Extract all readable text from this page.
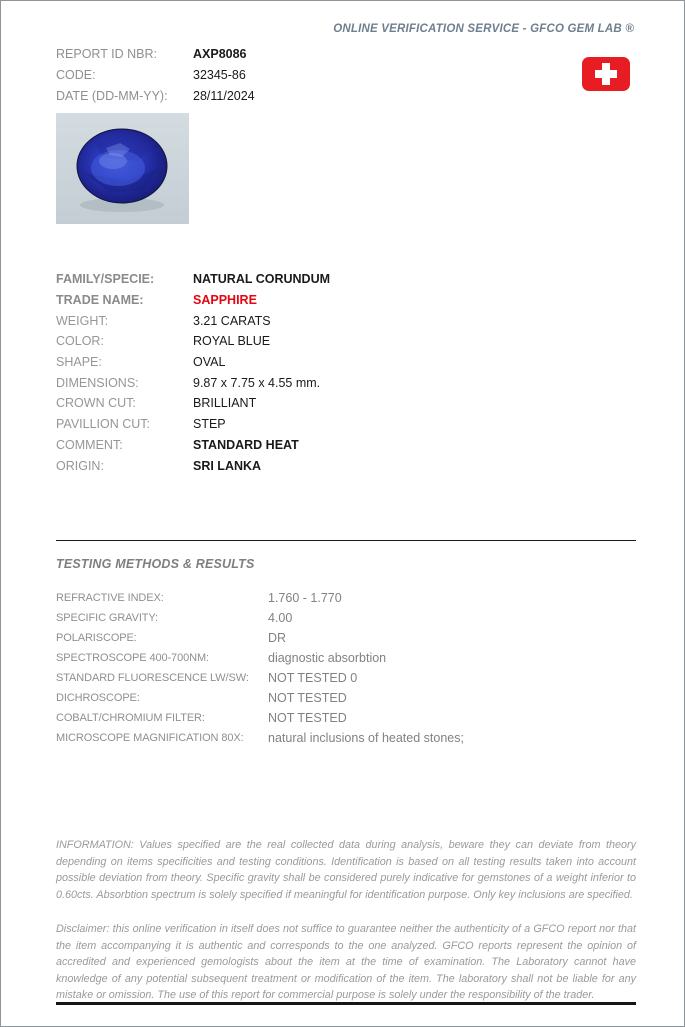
ONLINE VERIFICATION SERVICE - GFCO GEM LAB ®
REPORT ID NBR:	AXP8086
CODE:	32345-86
DATE (DD-MM-YY):	28/11/2024
FAMILY/SPECIE:	NATURAL CORUNDUM
TRADE NAME:	SAPPHIRE
WEIGHT:	3.21 CARATS
COLOR:	ROYAL BLUE
SHAPE:	OVAL
DIMENSIONS:	9.87 x 7.75 x 4.55 mm.
CROWN CUT:	BRILLIANT
PAVILLION CUT:	STEP
COMMENT:	STANDARD HEAT
ORIGIN:	SRI LANKA
TESTING METHODS & RESULTS
REFRACTIVE INDEX:	1.760 - 1.770
SPECIFIC GRAVITY:	4.00
POLARISCOPE:	DR
SPECTROSCOPE 400-700NM:	diagnostic absorbtion
STANDARD FLUORESCENCE LW/SW:	NOT TESTED 0
DICHROSCOPE:	NOT TESTED
COBALT/CHROMIUM FILTER:	NOT TESTED
MICROSCOPE MAGNIFICATION 80X:	natural inclusions of heated stones;

INFORMATION: Values specified are the real collected data during analysis, beware they can deviate from theory depending on items specificities and testing conditions. Identification is based on all testing results taken into account possible deviation from theory. Specific gravity shall be considered purely indicative for gemstones of a weight inferior to 0.60cts. Absorbtion spectrum is solely specified if meaningful for identification purpose. Only key inclusions are specified.

Disclaimer: this online verification in itself does not suffice to guarantee neither the authenticity of a GFCO report nor that the item accompanying it is authentic and corresponds to the one analyzed. GFCO reports represent the opinion of accredited and experienced gemologists about the item at the time of examination. The Laboratory cannot have knowledge of any potential subsequent treatment or modification of the item. The laboratory shall not be liable for any mistake or omission. The use of this report for commercial purpose is solely under the responsibility of the trader.
